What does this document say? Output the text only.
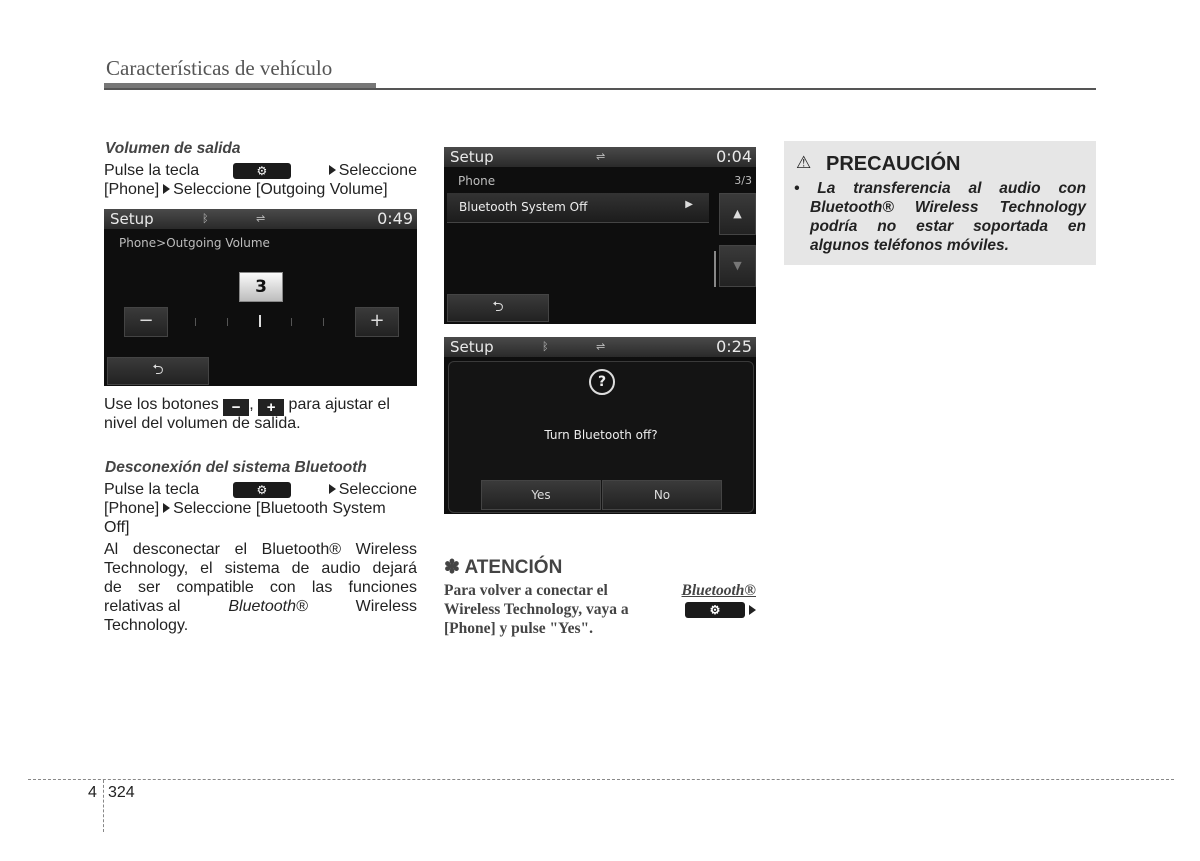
Características de vehículo
Volumen de salida
Pulse la tecla	⚙	Seleccione
[Phone] Seleccione [Outgoing Volume]
Setup	ᛒ	⇌	0:49
Phone>Outgoing Volume
3
−	+
⮌
Use los botones − , + para ajustar el
nivel del volumen de salida.
Desconexión del sistema Bluetooth
Pulse la tecla	⚙	Seleccione
[Phone] Seleccione [Bluetooth System
Off]
Al desconectar el Bluetooth® Wireless
Technology, el sistema de audio dejará
de ser compatible con las funciones
relativas al	Bluetooth®	Wireless
Technology.
Setup	⇌	0:04
Phone	3/3
Bluetooth System Off	▶
▲
▼
⮌
Setup	ᛒ	⇌	0:25
?
Turn Bluetooth off?
Yes	No
✽ ATENCIÓN
Para volver a conectar el	Bluetooth®
Wireless Technology, vaya a	⚙
[Phone] y pulse "Yes".
⚠ PRECAUCIÓN
• La transferencia al audio con
Bluetooth® Wireless Technology
podría no estar soportada en
algunos teléfonos móviles.
4 324
